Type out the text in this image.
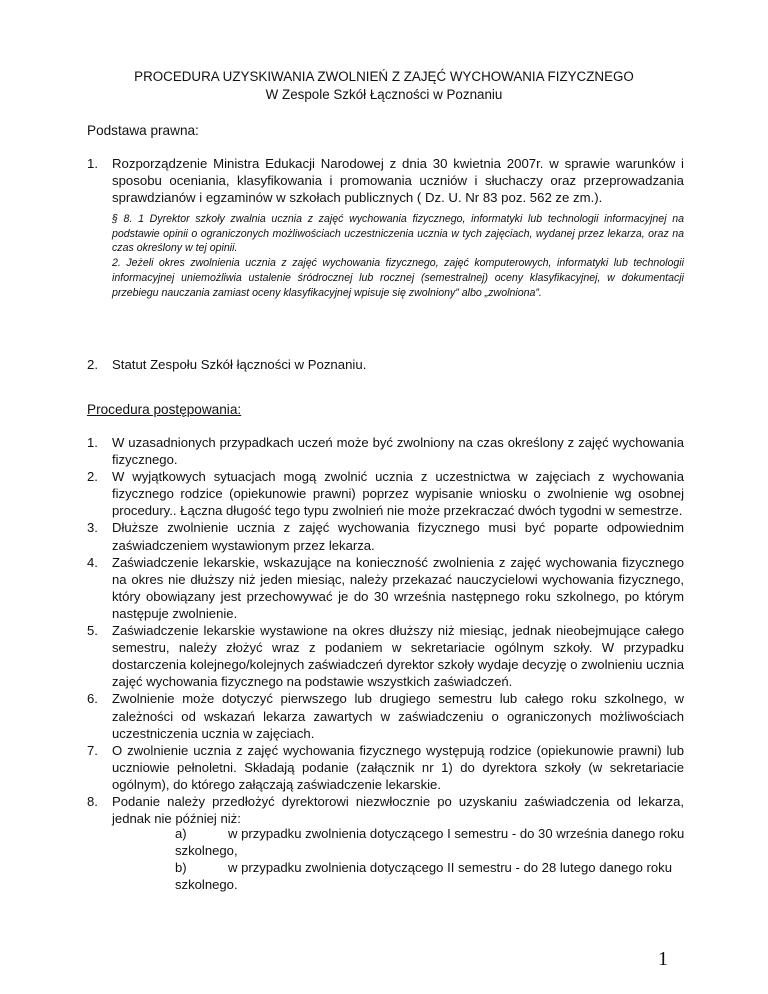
PROCEDURA UZYSKIWANIA ZWOLNIEŃ Z ZAJĘĆ WYCHOWANIA FIZYCZNEGO
W Zespole Szkół Łączności w Poznaniu
Podstawa prawna:
1. Rozporządzenie Ministra Edukacji Narodowej z dnia 30 kwietnia 2007r. w sprawie warunków i sposobu oceniania, klasyfikowania i promowania uczniów i słuchaczy oraz przeprowadzania sprawdzianów i egzaminów w szkołach publicznych ( Dz. U. Nr 83 poz. 562 ze zm.).

§ 8. 1 Dyrektor szkoły zwalnia ucznia z zajęć wychowania fizycznego, informatyki lub technologii informacyjnej na podstawie opinii o ograniczonych możliwościach uczestniczenia ucznia w tych zajęciach, wydanej przez lekarza, oraz na czas określony w tej opinii.

2. Jeżeli okres zwolnienia ucznia z zajęć wychowania fizycznego, zajęć komputerowych, informatyki lub technologii informacyjnej uniemożliwia ustalenie śródrocznej lub rocznej (semestralnej) oceny klasyfikacyjnej, w dokumentacji przebiegu nauczania zamiast oceny klasyfikacyjnej wpisuje się zwolniony” albo „zwolniona”.

2. Statut Zespołu Szkół łączności w Poznaniu.
Procedura postępowania:
1. W uzasadnionych przypadkach uczeń może być zwolniony na czas określony z zajęć wychowania fizycznego.
2. W wyjątkowych sytuacjach mogą zwolnić ucznia z uczestnictwa w zajęciach z wychowania fizycznego rodzice (opiekunowie prawni) poprzez wypisanie wniosku o zwolnienie wg osobnej procedury.. Łączna długość tego typu zwolnień nie może przekraczać dwóch tygodni w semestrze.
3. Dłuższe zwolnienie ucznia z zajęć wychowania fizycznego musi być poparte odpowiednim zaświadczeniem wystawionym przez lekarza.
4. Zaświadczenie lekarskie, wskazujące na konieczność zwolnienia z zajęć wychowania fizycznego na okres nie dłuższy niż jeden miesiąc, należy przekazać nauczycielowi wychowania fizycznego, który obowiązany jest przechowywać je do 30 września następnego roku szkolnego, po którym następuje zwolnienie.
5. Zaświadczenie lekarskie wystawione na okres dłuższy niż miesiąc, jednak nieobejmujące całego semestru, należy złożyć wraz z podaniem w sekretariacie ogólnym szkoły. W przypadku dostarczenia kolejnego/kolejnych zaświadczeń dyrektor szkoły wydaje decyzję o zwolnieniu ucznia zajęć wychowania fizycznego na podstawie wszystkich zaświadczeń.
6. Zwolnienie może dotyczyć pierwszego lub drugiego semestru lub całego roku szkolnego, w zależności od wskazań lekarza zawartych w zaświadczeniu o ograniczonych możliwościach uczestniczenia ucznia w zajęciach.
7. O zwolnienie ucznia z zajęć wychowania fizycznego występują rodzice (opiekunowie prawni) lub uczniowie pełnoletni. Składają podanie (załącznik nr 1) do dyrektora szkoły (w sekretariacie ogólnym), do którego załączają zaświadczenie lekarskie.
8. Podanie należy przedłożyć dyrektorowi niezwłocznie po uzyskaniu zaświadczenia od lekarza, jednak nie później niż:
a)	w przypadku zwolnienia dotyczącego I semestru - do 30 września danego roku szkolnego,
b)	w przypadku zwolnienia dotyczącego II semestru - do 28 lutego danego roku szkolnego.
1
